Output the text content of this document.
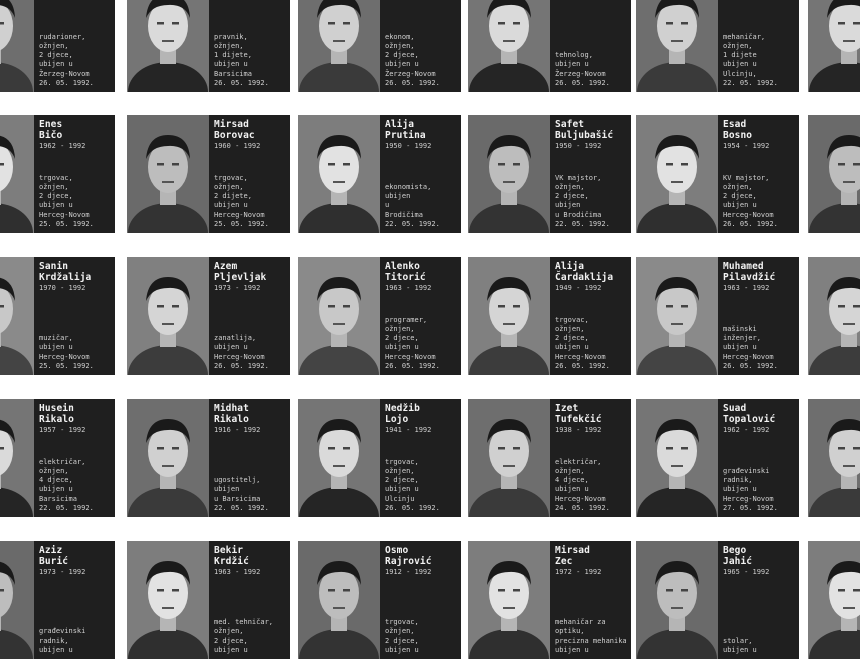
rudarioner,
ožnjen,
2 djece,
ubijen u
Žerzeg-Novom
26. 05. 1992.
pravnik,
ožnjen,
1 dijete,
ubijen u
Barsicima
26. 05. 1992.
ekonom,
ožnjen,
2 djece,
ubijen u
Žerzeg-Novom
26. 05. 1992.
tehnolog,
ubijen u
Žerzeg-Novom
26. 05. 1992.
mehaničar,
ožnjen,
1 dijete
ubijen u
Ulcinju,
22. 05. 1992.
Enes
Bičo
1962 - 1992
trgovac,
ožnjen,
2 djece,
ubijen u
Herceg-Novom
25. 05. 1992.
Mirsad
Borovac
1960 - 1992
trgovac,
ožnjen,
2 dijete,
ubijen u
Herceg-Novom
25. 05. 1992.
Alija
Prutina
1950 - 1992
ekonomista,
ubijen
u
Brodičima
22. 05. 1992.
Safet
Buljubašić
1950 - 1992
VK majstor,
ožnjen,
2 djece,
ubijen
u Brodičima
22. 05. 1992.
Esad
Bosno
1954 - 1992
KV majstor,
ožnjen,
2 djece,
ubijen u
Herceg-Novom
26. 05. 1992.
Sanin
Krdžalija
1970 - 1992
muzičar,
ubijen u
Herceg-Novom
25. 05. 1992.
Azem
Pljevljak
1973 - 1992
zanatlija,
ubijen u
Herceg-Novom
26. 05. 1992.
Alenko
Titorić
1963 - 1992
programer,
ožnjen,
2 djece,
ubijen u
Herceg-Novom
26. 05. 1992.
Alija
Čardaklija
1949 - 1992
trgovac,
ožnjen,
2 djece,
ubijen u
Herceg-Novom
26. 05. 1992.
Muhamed
Pilavdžić
1963 - 1992
mašinski
inženjer,
ubijen u
Herceg-Novom
26. 05. 1992.
Husein
Rikalo
1957 - 1992
električar,
ožnjen,
4 djece,
ubijen u
Barsicima
22. 05. 1992.
Midhat
Rikalo
1916 - 1992
ugostitelj,
ubijen
u Barsicima
22. 05. 1992.
Nedžib
Lojo
1941 - 1992
trgovac,
ožnjen,
2 djece,
ubijen u
Ulcinju
26. 05. 1992.
Izet
Tufekčić
1938 - 1992
električar,
ožnjen,
4 djece,
ubijen u
Herceg-Novom
24. 05. 1992.
Suad
Topalović
1962 - 1992
građevinski
radnik,
ubijen u
Herceg-Novom
27. 05. 1992.
Aziz
Burić
1973 - 1992
građevinski
radnik,
ubijen u
Bekir
Krdžić
1963 - 1992
med. tehničar,
ožnjen,
2 djece,
ubijen u
Osmo
Rajrović
1912 - 1992
trgovac,
ožnjen,
2 djece,
ubijen u
Mirsad
Zec
1972 - 1992
mehaničar za
optiku,
precizna mehanika
ubijen u
Bego
Jahić
1965 - 1992
stolar,
ubijen u
